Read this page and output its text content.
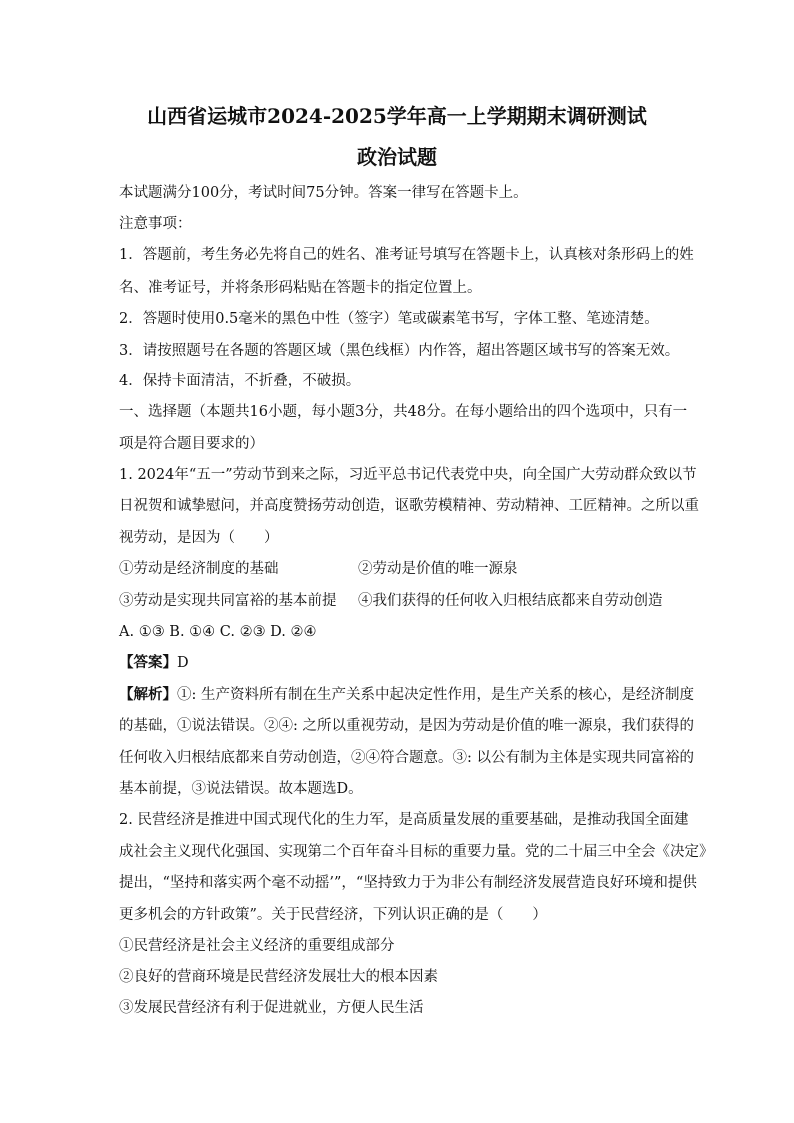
山西省运城市2024-2025学年高一上学期期末调研测试
政治试题
本试题满分100分，考试时间75分钟。答案一律写在答题卡上。
注意事项：
1．答题前，考生务必先将自己的姓名、准考证号填写在答题卡上，认真核对条形码上的姓
名、准考证号，并将条形码粘贴在答题卡的指定位置上。
2．答题时使用0.5毫米的黑色中性（签字）笔或碳素笔书写，字体工整、笔迹清楚。
3．请按照题号在各题的答题区域（黑色线框）内作答，超出答题区域书写的答案无效。
4．保持卡面清洁，不折叠，不破损。
一、选择题（本题共16小题，每小题3分，共48分。在每小题给出的四个选项中，只有一
项是符合题目要求的）
1. 2024年“五一”劳动节到来之际，习近平总书记代表党中央，向全国广大劳动群众致以节
日祝贺和诚挚慰问，并高度赞扬劳动创造，讴歌劳模精神、劳动精神、工匠精神。之所以重
视劳动，是因为（　　）
①劳动是经济制度的基础	②劳动是价值的唯一源泉
③劳动是实现共同富裕的基本前提 ④我们获得的任何收入归根结底都来自劳动创造
A. ①③ B. ①④ C. ②③ D. ②④
【答案】D
【解析】①: 生产资料所有制在生产关系中起决定性作用，是生产关系的核心，是经济制度
的基础，①说法错误。②④: 之所以重视劳动，是因为劳动是价值的唯一源泉，我们获得的
任何收入归根结底都来自劳动创造，②④符合题意。③: 以公有制为主体是实现共同富裕的
基本前提，③说法错误。故本题选D。
2. 民营经济是推进中国式现代化的生力军，是高质量发展的重要基础，是推动我国全面建
成社会主义现代化强国、实现第二个百年奋斗目标的重要力量。党的二十届三中全会《决定》
提出，“坚持和落实两个毫不动摇’”，“坚持致力于为非公有制经济发展营造良好环境和提供
更多机会的方针政策”。关于民营经济，下列认识正确的是（　　）
①民营经济是社会主义经济的重要组成部分
②良好的营商环境是民营经济发展壮大的根本因素
③发展民营经济有利于促进就业，方便人民生活
